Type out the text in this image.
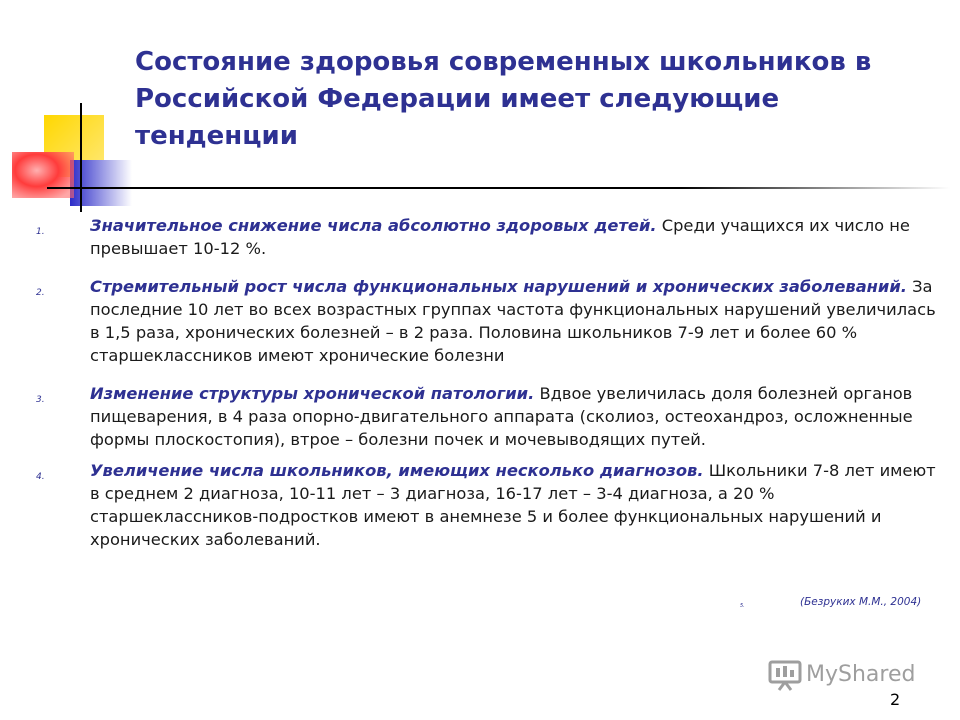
Состояние здоровья современных школьников в Российской Федерации имеет следующие тенденции
1.	Значительное снижение числа абсолютно здоровых детей. Среди учащихся их число не превышает 10-12 %.
2.	Стремительный рост числа функциональных нарушений и хронических заболеваний. За последние 10 лет во всех возрастных группах частота функциональных нарушений увеличилась в 1,5 раза, хронических болезней – в 2 раза. Половина школьников 7-9 лет и более 60 % старшеклассников имеют хронические болезни
3.	Изменение структуры хронической патологии. Вдвое увеличилась доля болезней органов пищеварения, в 4 раза опорно-двигательного аппарата (сколиоз, остеохандроз, осложненные формы плоскостопия), втрое – болезни почек и мочевыводящих путей.
4.	Увеличение числа школьников, имеющих несколько диагнозов. Школьники 7-8 лет имеют в среднем 2 диагноза, 10-11 лет – 3 диагноза, 16-17 лет – 3-4 диагноза, а 20 % старшеклассников-подростков имеют в анемнезе 5 и более функциональных нарушений и хронических заболеваний.
5.	(Безруких М.М., 2004)
MyShared
2
